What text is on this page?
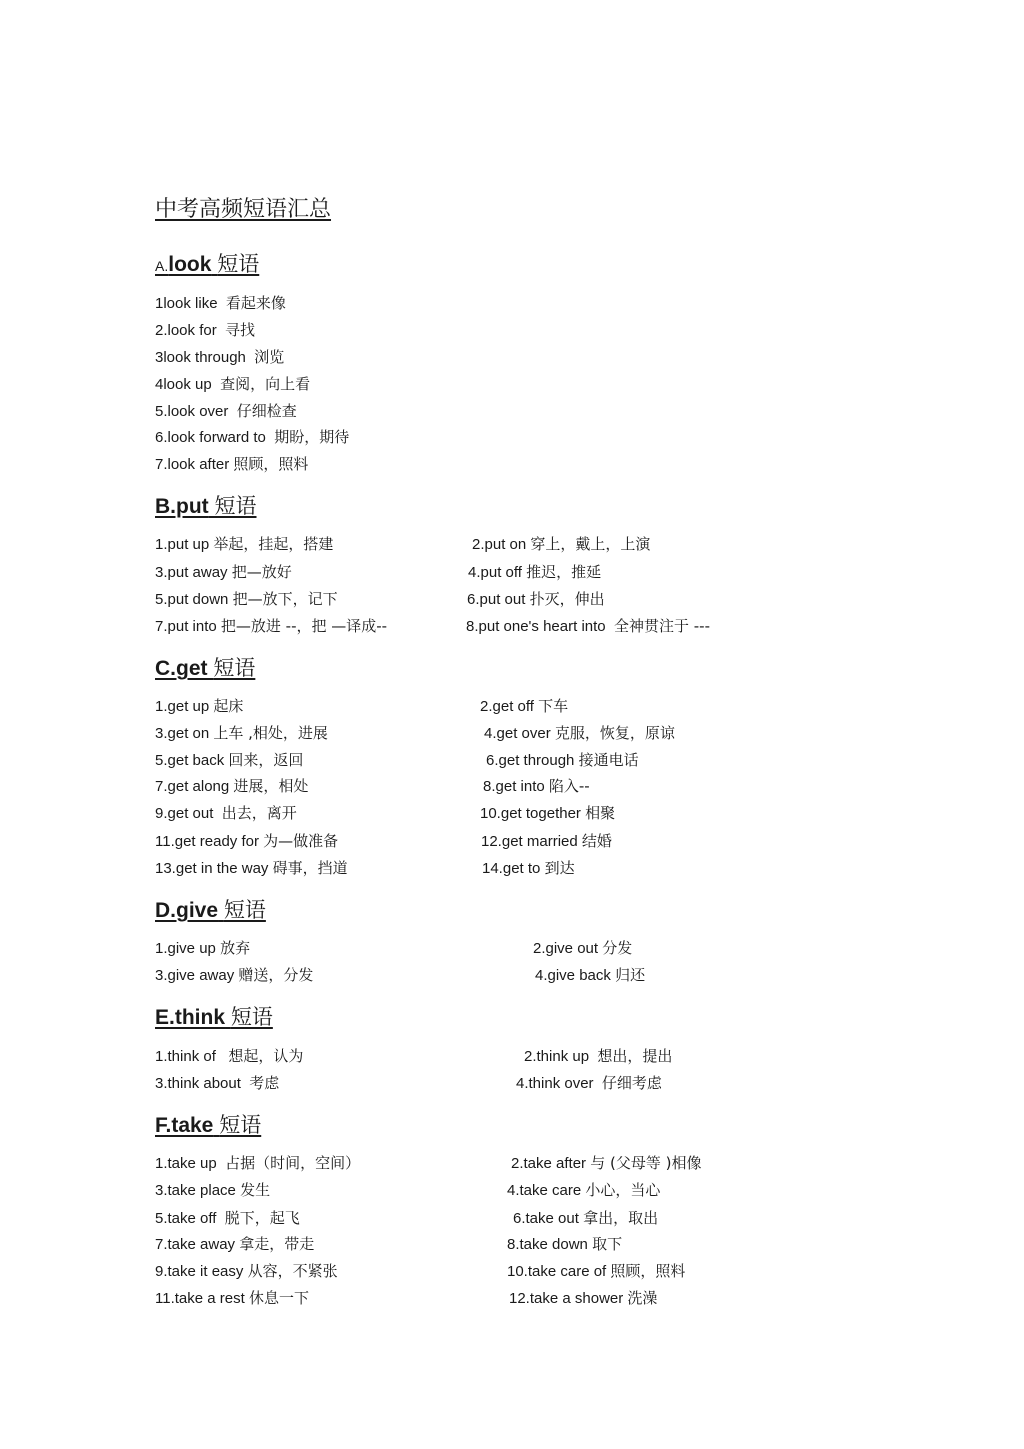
中考高频短语汇总
A.look 短语
1look like 看起来像
2.look for 寻找
3look through 浏览
4look up 查阅，向上看
5.look over 仔细检查
6.look forward to 期盼，期待
7.look after 照顾，照料
B.put 短语
1.put up 举起，挂起，搭建	2.put on 穿上，戴上，上演
3.put away 把—放好	4.put off 推迟，推延
5.put down 把—放下，记下	6.put out 扑灭，伸出
7.put into 把—放进 --，把 —译成--	8.put one's heart into 全神贯注于 ---
C.get 短语
1.get up 起床	2.get off 下车
3.get on 上车 ,相处，进展	4.get over 克服，恢复，原谅
5.get back 回来，返回	6.get through 接通电话
7.get along 进展，相处	8.get into 陷入--
9.get out 出去，离开	10.get together 相聚
11.get ready for 为—做准备	12.get married 结婚
13.get in the way 碍事，挡道	14.get to 到达
D.give 短语
1.give up 放弃	2.give out 分发
3.give away 赠送，分发	4.give back 归还
E.think 短语
1.think of 想起，认为	2.think up 想出，提出
3.think about 考虑	4.think over 仔细考虑
F.take 短语
1.take up 占据（时间，空间）	2.take after 与 (父母等 )相像
3.take place 发生	4.take care 小心，当心
5.take off 脱下，起飞	6.take out 拿出，取出
7.take away 拿走，带走	8.take down 取下
9.take it easy 从容，不紧张	10.take care of 照顾，照料
11.take a rest 休息一下	12.take a shower 洗澡
